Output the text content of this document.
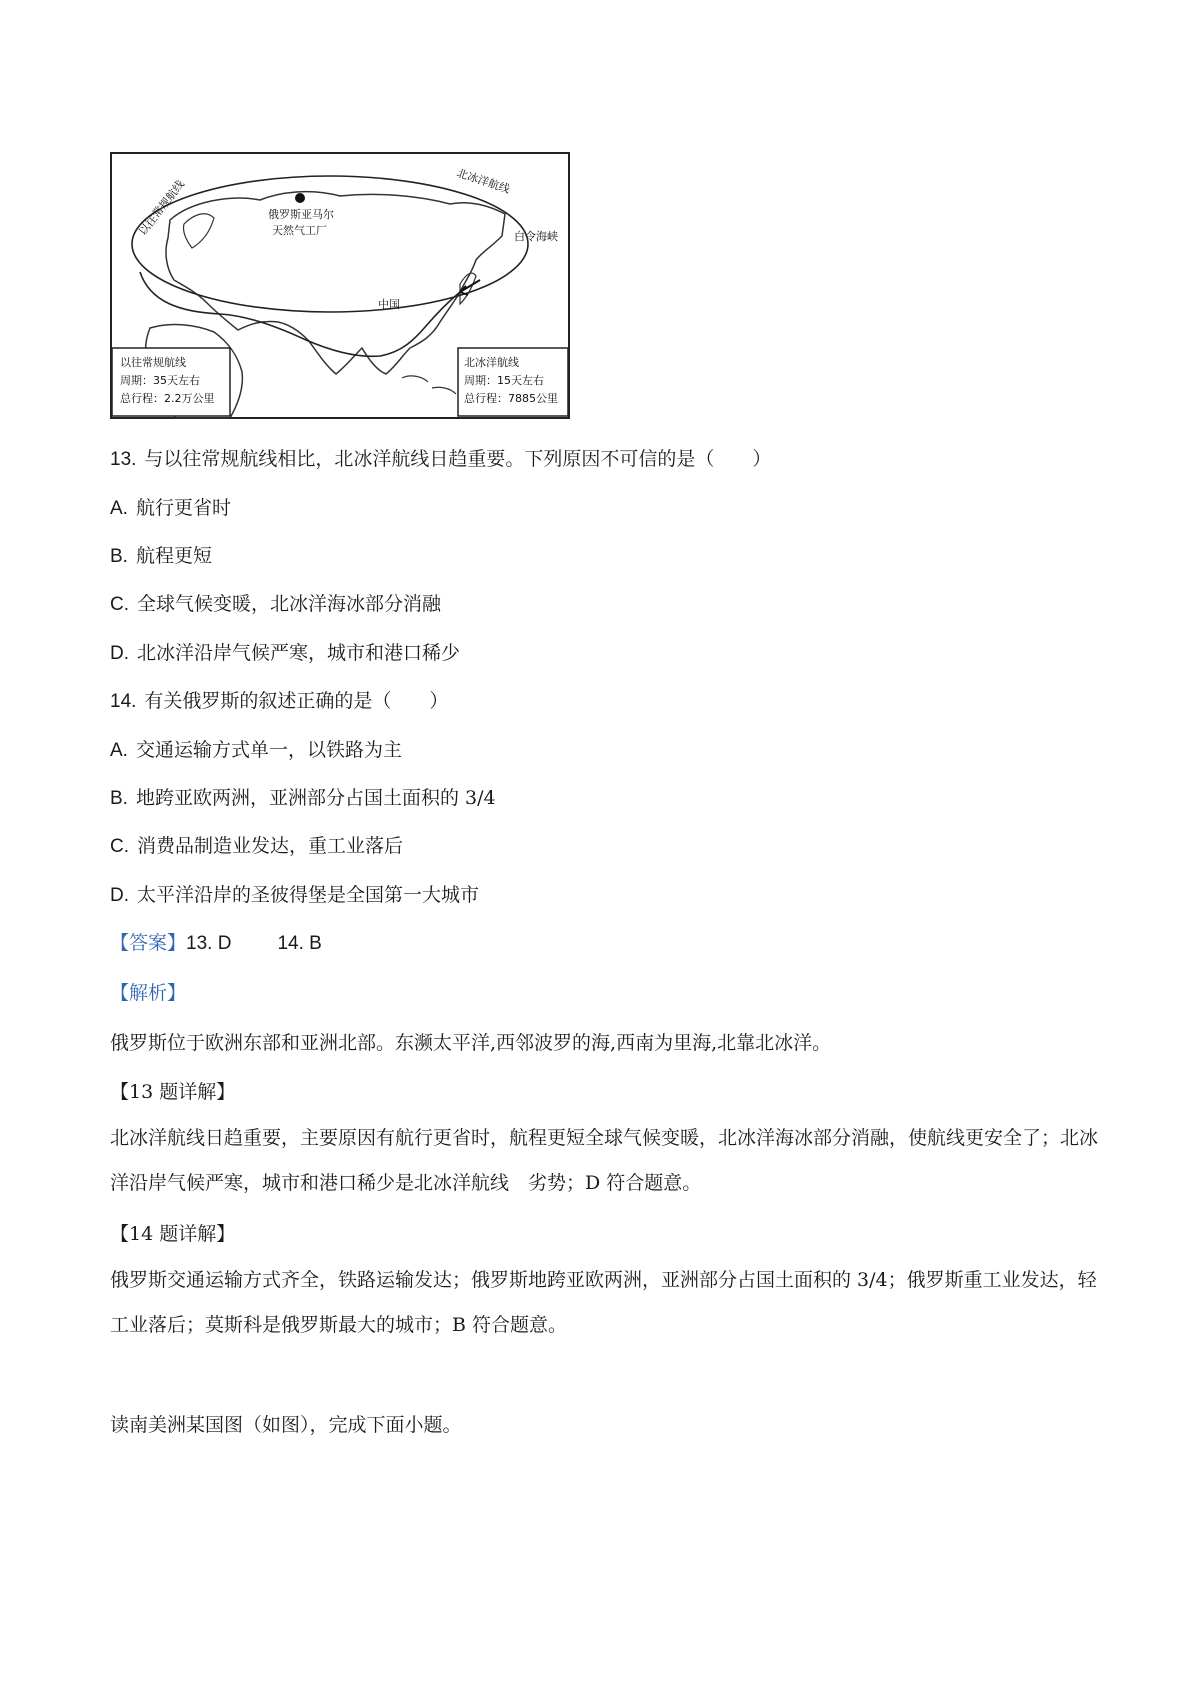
北冰洋航线
以往常规航线	俄罗斯亚马尔
天然气工厂	白令海峡
中国
以往常规航线
周期：35天左右
总行程：2.2万公里
北冰洋航线
周期：15天左右
总行程：7885公里
13. 与以往常规航线相比，北冰洋航线日趋重要。下列原因不可信的是（　　）
A. 航行更省时
B. 航程更短
C. 全球气候变暖，北冰洋海冰部分消融
D. 北冰洋沿岸气候严寒，城市和港口稀少
14. 有关俄罗斯的叙述正确的是（　　）
A. 交通运输方式单一，以铁路为主
B. 地跨亚欧两洲，亚洲部分占国土面积的 3/4
C. 消费品制造业发达，重工业落后
D. 太平洋沿岸的圣彼得堡是全国第一大城市
【答案】13. D 14. B
【解析】
俄罗斯位于欧洲东部和亚洲北部。东濒太平洋,西邻波罗的海,西南为里海,北靠北冰洋。
【13 题详解】
北冰洋航线日趋重要，主要原因有航行更省时，航程更短全球气候变暖，北冰洋海冰部分消融，使航线更安全了；北冰洋沿岸气候严寒，城市和港口稀少是北冰洋航线　劣势；D 符合题意。
【14 题详解】
俄罗斯交通运输方式齐全，铁路运输发达；俄罗斯地跨亚欧两洲，亚洲部分占国土面积的 3/4；俄罗斯重工业发达，轻工业落后；莫斯科是俄罗斯最大的城市；B 符合题意。
读南美洲某国图（如图），完成下面小题。
